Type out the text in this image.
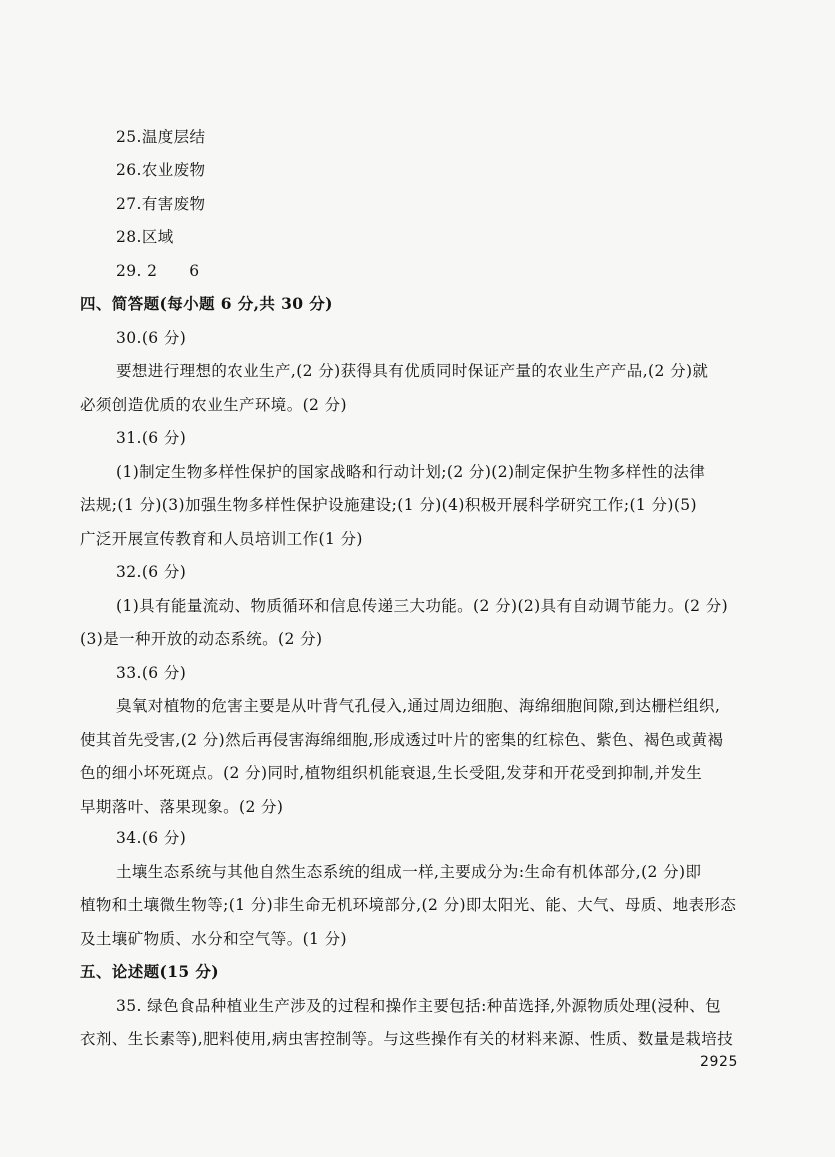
25.温度层结
26.农业废物
27.有害废物
28.区域
29. 2　　6
四、简答题(每小题 6 分,共 30 分)
30.(6 分)
要想进行理想的农业生产,(2 分)获得具有优质同时保证产量的农业生产产品,(2 分)就
必须创造优质的农业生产环境。(2 分)
31.(6 分)
(1)制定生物多样性保护的国家战略和行动计划;(2 分)(2)制定保护生物多样性的法律
法规;(1 分)(3)加强生物多样性保护设施建设;(1 分)(4)积极开展科学研究工作;(1 分)(5)
广泛开展宣传教育和人员培训工作(1 分)
32.(6 分)
(1)具有能量流动、物质循环和信息传递三大功能。(2 分)(2)具有自动调节能力。(2 分)
(3)是一种开放的动态系统。(2 分)
33.(6 分)
臭氧对植物的危害主要是从叶背气孔侵入,通过周边细胞、海绵细胞间隙,到达栅栏组织,
使其首先受害,(2 分)然后再侵害海绵细胞,形成透过叶片的密集的红棕色、紫色、褐色或黄褐
色的细小坏死斑点。(2 分)同时,植物组织机能衰退,生长受阻,发芽和开花受到抑制,并发生
早期落叶、落果现象。(2 分)
34.(6 分)
土壤生态系统与其他自然生态系统的组成一样,主要成分为:生命有机体部分,(2 分)即
植物和土壤微生物等;(1 分)非生命无机环境部分,(2 分)即太阳光、能、大气、母质、地表形态
及土壤矿物质、水分和空气等。(1 分)
五、论述题(15 分)
35. 绿色食品种植业生产涉及的过程和操作主要包括:种苗选择,外源物质处理(浸种、包
衣剂、生长素等),肥料使用,病虫害控制等。与这些操作有关的材料来源、性质、数量是栽培技
2925
